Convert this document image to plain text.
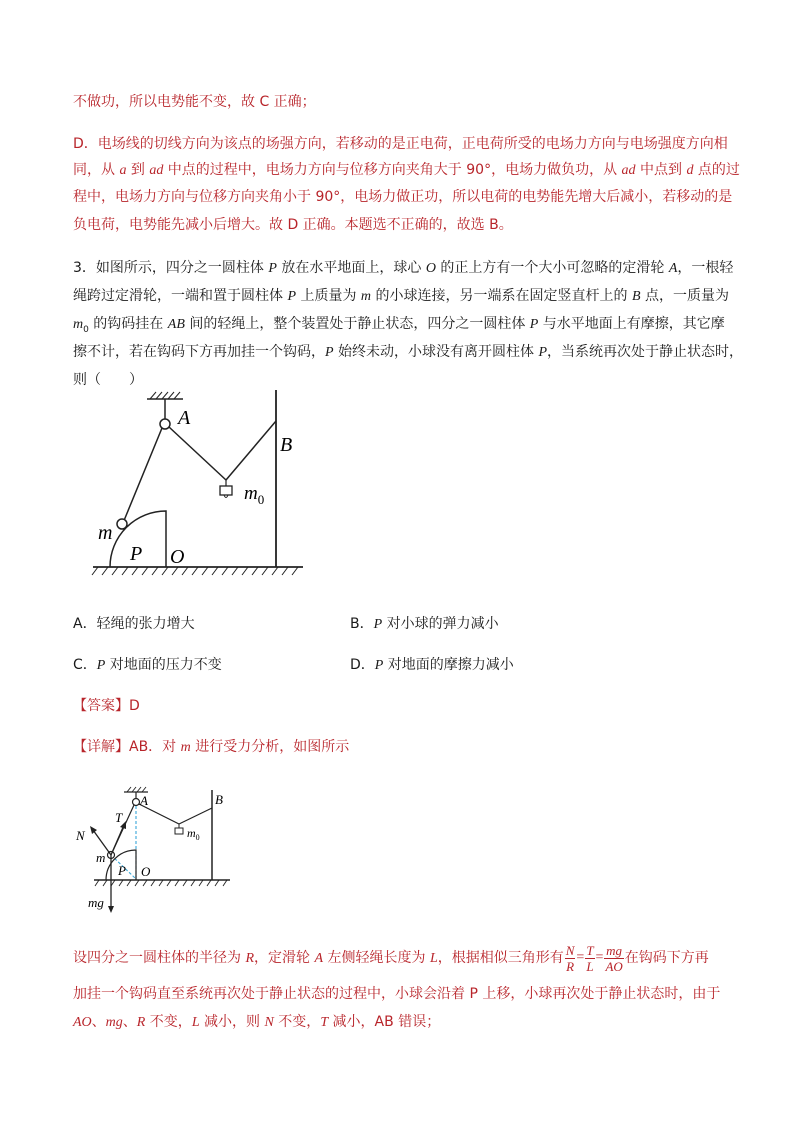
不做功，所以电势能不变，故 C 正确；
D．电场线的切线方向为该点的场强方向，若移动的是正电荷，正电荷所受的电场力方向与电场强度方向相
同，从 a 到 ad 中点的过程中，电场力方向与位移方向夹角大于 90°，电场力做负功，从 ad 中点到 d 点的过
程中，电场力方向与位移方向夹角小于 90°，电场力做正功，所以电荷的电势能先增大后减小，若移动的是
负电荷，电势能先减小后增大。故 D 正确。本题选不正确的，故选 B。
3．如图所示，四分之一圆柱体 P 放在水平地面上，球心 O 的正上方有一个大小可忽略的定滑轮 A，一根轻
绳跨过定滑轮，一端和置于圆柱体 P 上质量为 m 的小球连接，另一端系在固定竖直杆上的 B 点，一质量为
$m_0$ 的钩码挂在 AB 间的轻绳上，整个装置处于静止状态，四分之一圆柱体 P 与水平地面上有摩擦，其它摩
擦不计，若在钩码下方再加挂一个钩码，P 始终未动，小球没有离开圆柱体 P，当系统再次处于静止状态时，
则（　　）
A
B
m
P O
$m_0$
A．轻绳的张力增大	B．P 对小球的弹力减小
C．P 对地面的压力不变	D．P 对地面的摩擦力减小
【答案】D
【详解】AB．对 m 进行受力分析，如图所示
A	B
T
N
m
P O
mg
$m_0$
设四分之一圆柱体的半径为 R，定滑轮 A 左侧轻绳长度为 L，根据相似三角形有 $\frac{N}{R} = \frac{T}{L} = \frac{mg}{AO}$ 在钩码下方再
加挂一个钩码直至系统再次处于静止状态的过程中，小球会沿着 P 上移，小球再次处于静止状态时，由于
AO、mg、R 不变，L 减小，则 N 不变，T 减小，AB 错误；
